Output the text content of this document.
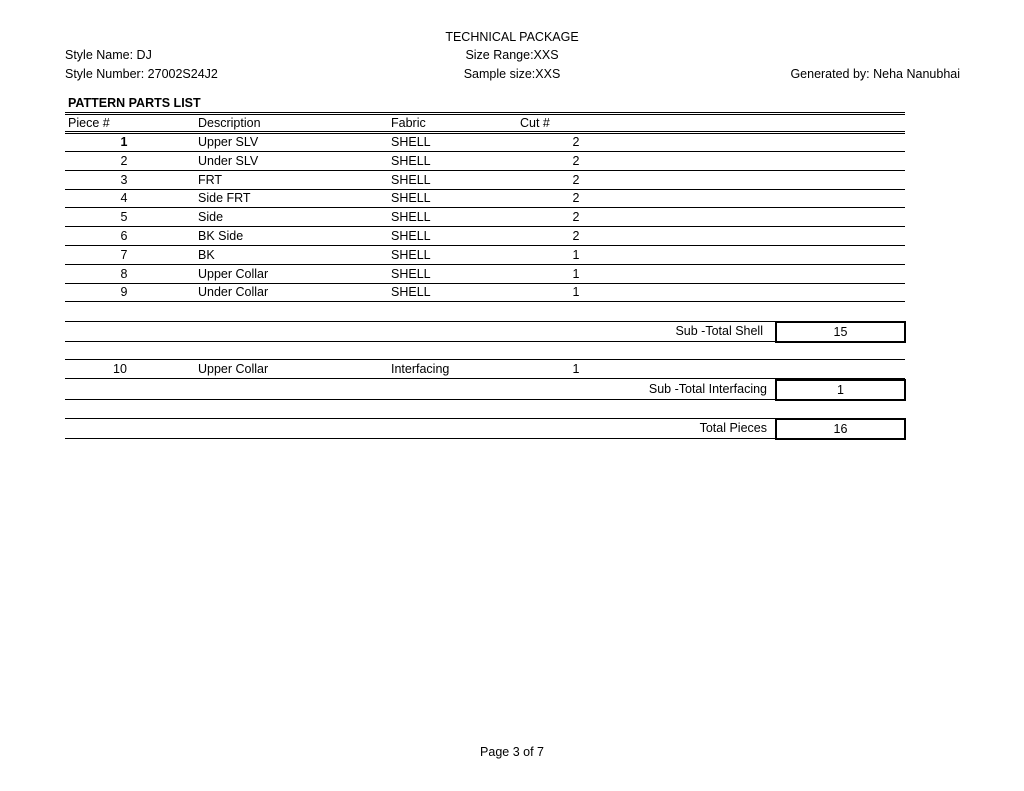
TECHNICAL PACKAGE
Style Name: DJ	Size Range:XXS
Style Number: 27002S24J2	Sample size:XXS	Generated by: Neha Nanubhai
PATTERN PARTS LIST
Piece #	Description	Fabric	Cut #
1	Upper SLV	SHELL	2
2	Under SLV	SHELL	2
3	FRT	SHELL	2
4	Side FRT	SHELL	2
5	Side	SHELL	2
6	BK Side	SHELL	2
7	BK	SHELL	1
8	Upper Collar	SHELL	1
9	Under Collar	SHELL	1
Sub -Total Shell	15
10	Upper Collar	Interfacing	1
Sub -Total Interfacing	1
Total Pieces	16
Page 3 of 7
